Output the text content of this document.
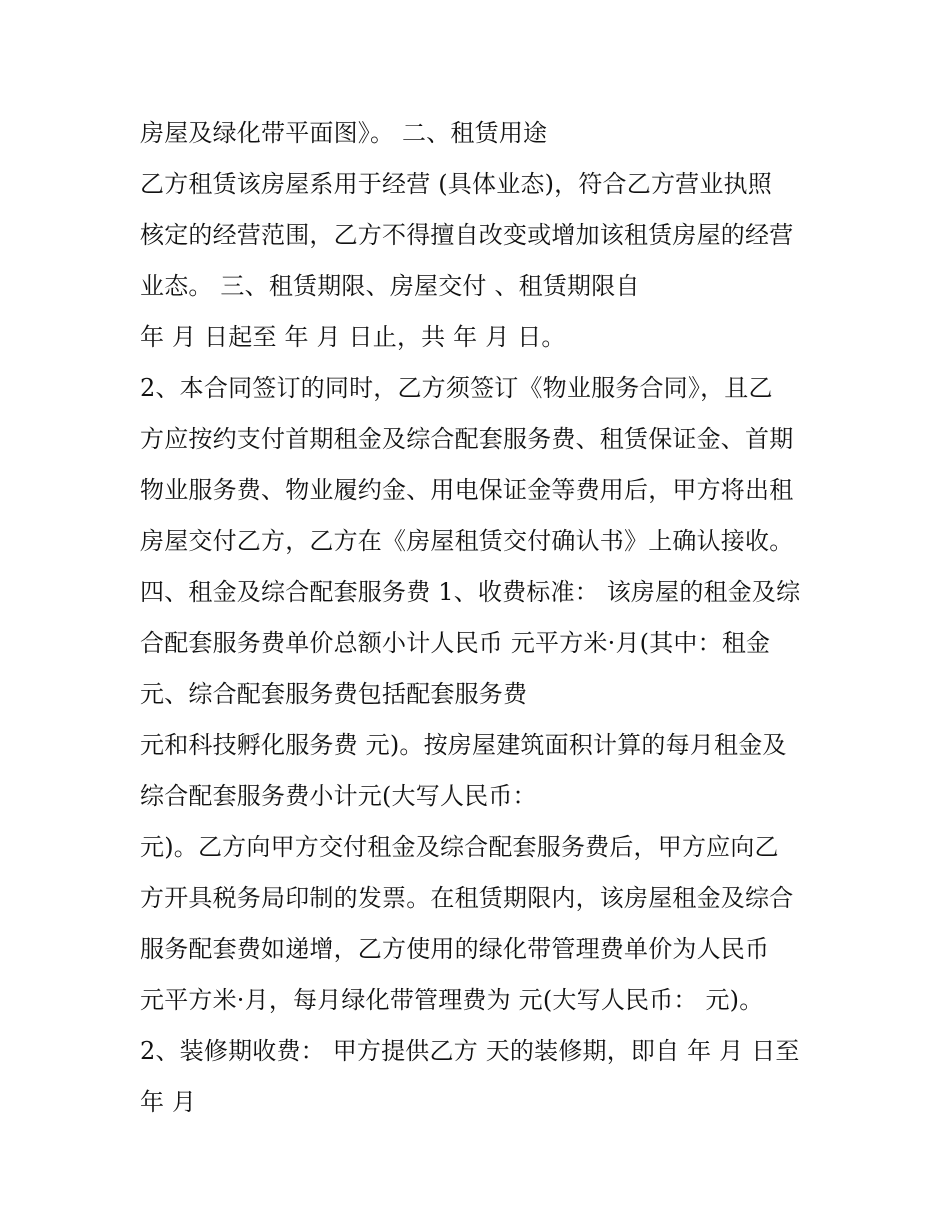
房屋及绿化带平面图》。 二、租赁用途
乙方租赁该房屋系用于经营 (具体业态)，符合乙方营业执照
核定的经营范围，乙方不得擅自改变或增加该租赁房屋的经营
业态。 三、租赁期限、房屋交付 、租赁期限自
年 月 日起至 年 月 日止，共 年 月 日。
2、本合同签订的同时，乙方须签订《物业服务合同》，且乙
方应按约支付首期租金及综合配套服务费、租赁保证金、首期
物业服务费、物业履约金、用电保证金等费用后，甲方将出租
房屋交付乙方，乙方在《房屋租赁交付确认书》上确认接收。
四、租金及综合配套服务费 1、收费标准： 该房屋的租金及综
合配套服务费单价总额小计人民币 元平方米·月(其中：租金
元、综合配套服务费包括配套服务费
元和科技孵化服务费 元)。按房屋建筑面积计算的每月租金及
综合配套服务费小计元(大写人民币：
元)。乙方向甲方交付租金及综合配套服务费后，甲方应向乙
方开具税务局印制的发票。在租赁期限内，该房屋租金及综合
服务配套费如递增，乙方使用的绿化带管理费单价为人民币
元平方米·月，每月绿化带管理费为 元(大写人民币： 元)。
2、装修期收费： 甲方提供乙方 天的装修期，即自 年 月 日至
年 月
